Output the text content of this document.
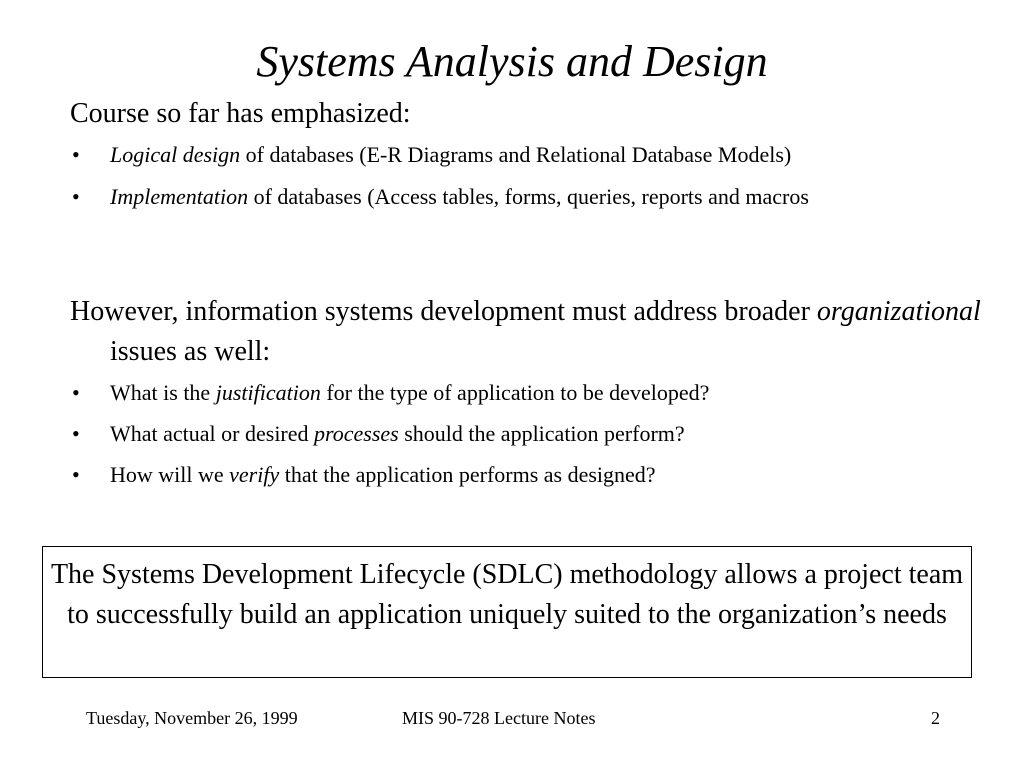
Systems Analysis and Design
Course so far has emphasized:
• Logical design of databases (E-R Diagrams and Relational Database Models)
• Implementation of databases (Access tables, forms, queries, reports and macros
However, information systems development must address broader organizational issues as well:
• What is the justification for the type of application to be developed?
• What actual or desired processes should the application perform?
• How will we verify that the application performs as designed?
The Systems Development Lifecycle (SDLC) methodology allows a project team to successfully build an application uniquely suited to the organization’s needs
Tuesday, November 26, 1999	MIS 90-728 Lecture Notes	2
